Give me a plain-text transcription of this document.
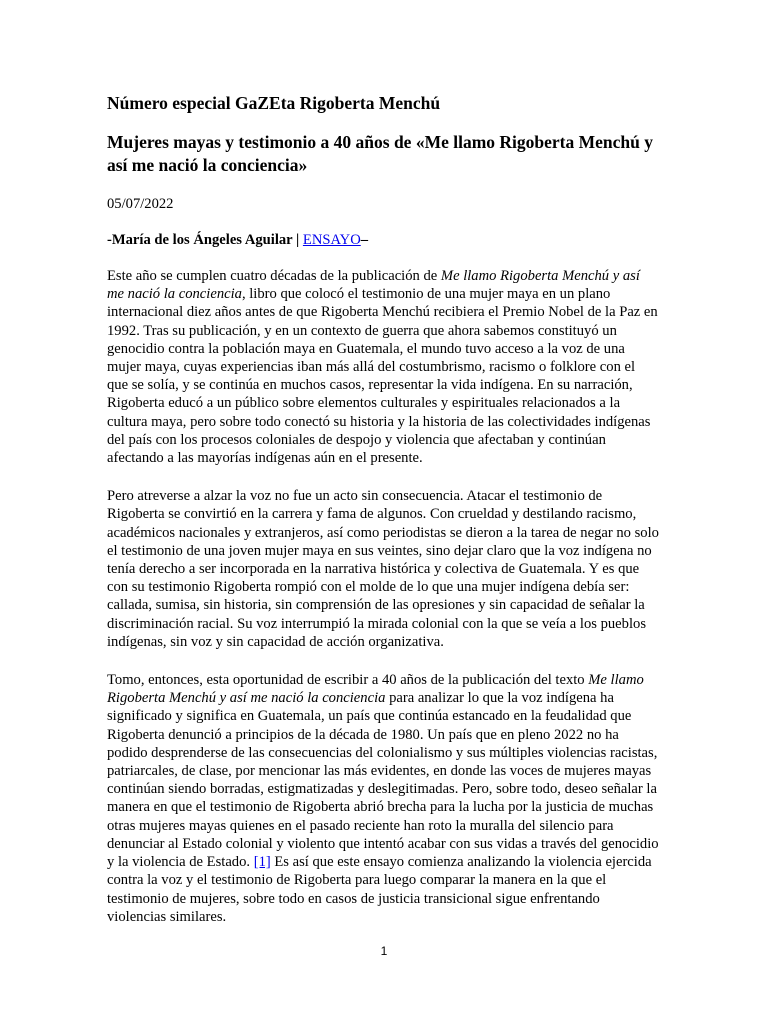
Número especial GaZEta Rigoberta Menchú
Mujeres mayas y testimonio a 40 años de «Me llamo Rigoberta Menchú y así me nació la conciencia»

05/07/2022

-María de los Ángeles Aguilar | ENSAYO–

Este año se cumplen cuatro décadas de la publicación de Me llamo Rigoberta Menchú y así me nació la conciencia, libro que colocó el testimonio de una mujer maya en un plano internacional diez años antes de que Rigoberta Menchú recibiera el Premio Nobel de la Paz en 1992. Tras su publicación, y en un contexto de guerra que ahora sabemos constituyó un genocidio contra la población maya en Guatemala, el mundo tuvo acceso a la voz de una mujer maya, cuyas experiencias iban más allá del costumbrismo, racismo o folklore con el que se solía, y se continúa en muchos casos, representar la vida indígena. En su narración, Rigoberta educó a un público sobre elementos culturales y espirituales relacionados a la cultura maya, pero sobre todo conectó su historia y la historia de las colectividades indígenas del país con los procesos coloniales de despojo y violencia que afectaban y continúan afectando a las mayorías indígenas aún en el presente.

Pero atreverse a alzar la voz no fue un acto sin consecuencia. Atacar el testimonio de Rigoberta se convirtió en la carrera y fama de algunos. Con crueldad y destilando racismo, académicos nacionales y extranjeros, así como periodistas se dieron a la tarea de negar no solo el testimonio de una joven mujer maya en sus veintes, sino dejar claro que la voz indígena no tenía derecho a ser incorporada en la narrativa histórica y colectiva de Guatemala. Y es que con su testimonio Rigoberta rompió con el molde de lo que una mujer indígena debía ser: callada, sumisa, sin historia, sin comprensión de las opresiones y sin capacidad de señalar la discriminación racial. Su voz interrumpió la mirada colonial con la que se veía a los pueblos indígenas, sin voz y sin capacidad de acción organizativa.

Tomo, entonces, esta oportunidad de escribir a 40 años de la publicación del texto Me llamo Rigoberta Menchú y así me nació la conciencia para analizar lo que la voz indígena ha significado y significa en Guatemala, un país que continúa estancado en la feudalidad que Rigoberta denunció a principios de la década de 1980. Un país que en pleno 2022 no ha podido desprenderse de las consecuencias del colonialismo y sus múltiples violencias racistas, patriarcales, de clase, por mencionar las más evidentes, en donde las voces de mujeres mayas continúan siendo borradas, estigmatizadas y deslegitimadas. Pero, sobre todo, deseo señalar la manera en que el testimonio de Rigoberta abrió brecha para la lucha por la justicia de muchas otras mujeres mayas quienes en el pasado reciente han roto la muralla del silencio para denunciar al Estado colonial y violento que intentó acabar con sus vidas a través del genocidio y la violencia de Estado. [1] Es así que este ensayo comienza analizando la violencia ejercida contra la voz y el testimonio de Rigoberta para luego comparar la manera en la que el testimonio de mujeres, sobre todo en casos de justicia transicional sigue enfrentando violencias similares.

1
